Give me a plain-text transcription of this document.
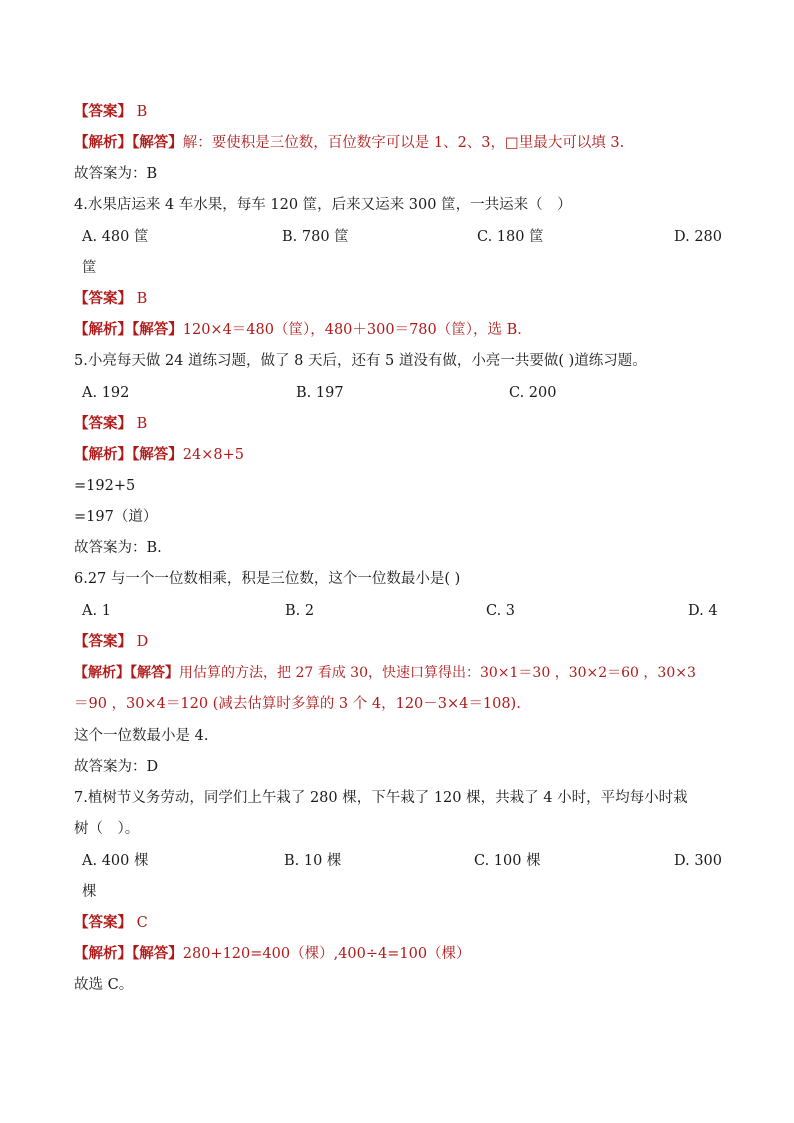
【答案】 B
【解析】【解答】解：要使积是三位数，百位数字可以是 1、2、3，□里最大可以填 3.
故答案为：B
4.水果店运来 4 车水果，每车 120 筐，后来又运来 300 筐，一共运来（　）
A. 480 筐	B. 780 筐	C. 180 筐	D. 280
筐
【答案】 B
【解析】【解答】120×4＝480（筐），480＋300＝780（筐），选 B．
5.小亮每天做 24 道练习题，做了 8 天后，还有 5 道没有做，小亮一共要做( )道练习题。
A. 192	B. 197	C. 200
【答案】 B
【解析】【解答】24×8+5
=192+5
=197（道）
故答案为：B.
6.27 与一个一位数相乘，积是三位数，这个一位数最小是( )
A. 1	B. 2	C. 3	D. 4
【答案】 D
【解析】【解答】用估算的方法，把 27 看成 30，快速口算得出：30×1＝30 ，30×2＝60 ，30×3
＝90 ，30×4＝120 (减去估算时多算的 3 个 4，120－3×4＝108).
这个一位数最小是 4.
故答案为：D
7.植树节义务劳动，同学们上午栽了 280 棵，下午栽了 120 棵，共栽了 4 小时，平均每小时栽
树（　）。
A. 400 棵	B. 10 棵	C. 100 棵	D. 300
棵
【答案】 C
【解析】【解答】280+120=400（棵）,400÷4=100（棵）
故选 C。
